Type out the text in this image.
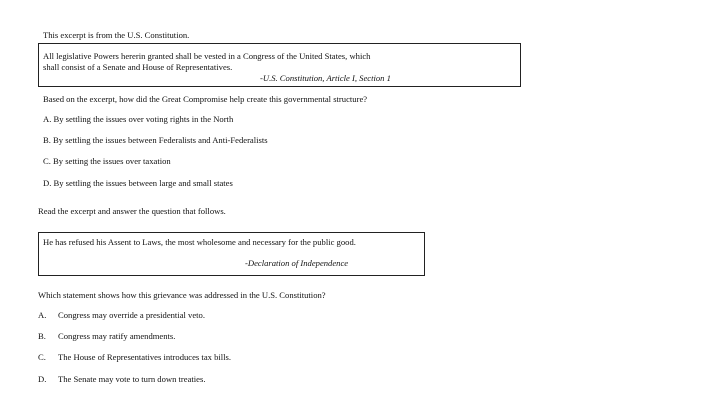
This excerpt is from the U.S. Constitution.
All legislative Powers hererin granted shall be vested in a Congress of the United States, which
shall consist of a Senate and House of Representatives.
-U.S. Constitution, Article I, Section 1
Based on the excerpt, how did the Great Compromise help create this governmental structure?
A. By settling the issues over voting rights in the North
B. By settling the issues between Federalists and Anti-Federalists
C. By setting the issues over taxation
D. By settling the issues between large and small states
Read the excerpt and answer the question that follows.
He has refused his Assent to Laws, the most wholesome and necessary for the public good.
-Declaration of Independence
Which statement shows how this grievance was addressed in the U.S. Constitution?
A. Congress may override a presidential veto.
B. Congress may ratify amendments.
C. The House of Representatives introduces tax bills.
D. The Senate may vote to turn down treaties.
